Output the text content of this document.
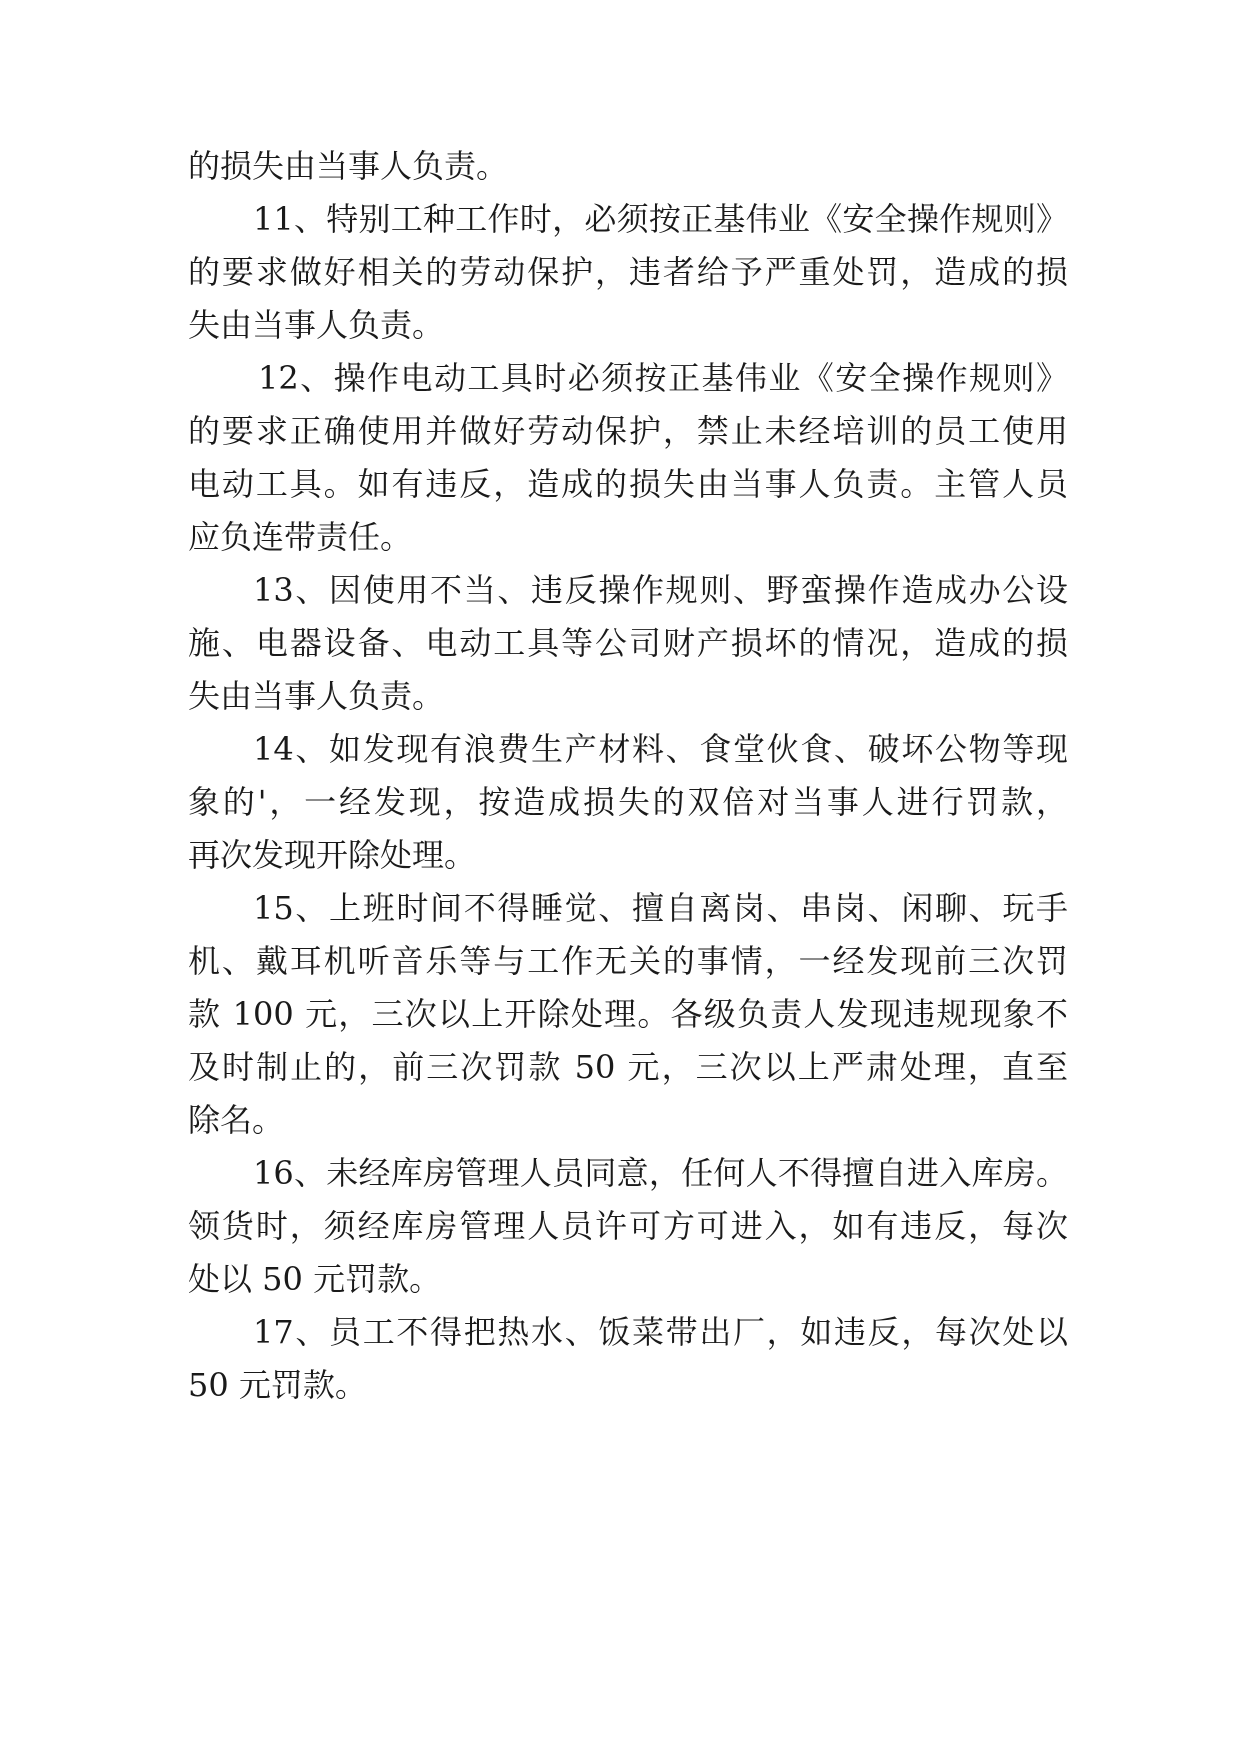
的损失由当事人负责。
11、特别工种工作时，必须按正基伟业《安全操作规则》
的要求做好相关的劳动保护，违者给予严重处罚，造成的损
失由当事人负责。
12、操作电动工具时必须按正基伟业《安全操作规则》
的要求正确使用并做好劳动保护，禁止未经培训的员工使用
电动工具。如有违反，造成的损失由当事人负责。主管人员
应负连带责任。
13、因使用不当、违反操作规则、野蛮操作造成办公设
施、电器设备、电动工具等公司财产损坏的情况，造成的损
失由当事人负责。
14、如发现有浪费生产材料、食堂伙食、破坏公物等现
象的'，一经发现，按造成损失的双倍对当事人进行罚款，
再次发现开除处理。
15、上班时间不得睡觉、擅自离岗、串岗、闲聊、玩手
机、戴耳机听音乐等与工作无关的事情，一经发现前三次罚
款 100 元，三次以上开除处理。各级负责人发现违规现象不
及时制止的，前三次罚款 50 元，三次以上严肃处理，直至
除名。
16、未经库房管理人员同意，任何人不得擅自进入库房。
领货时，须经库房管理人员许可方可进入，如有违反，每次
处以 50 元罚款。
17、员工不得把热水、饭菜带出厂，如违反，每次处以
50 元罚款。
